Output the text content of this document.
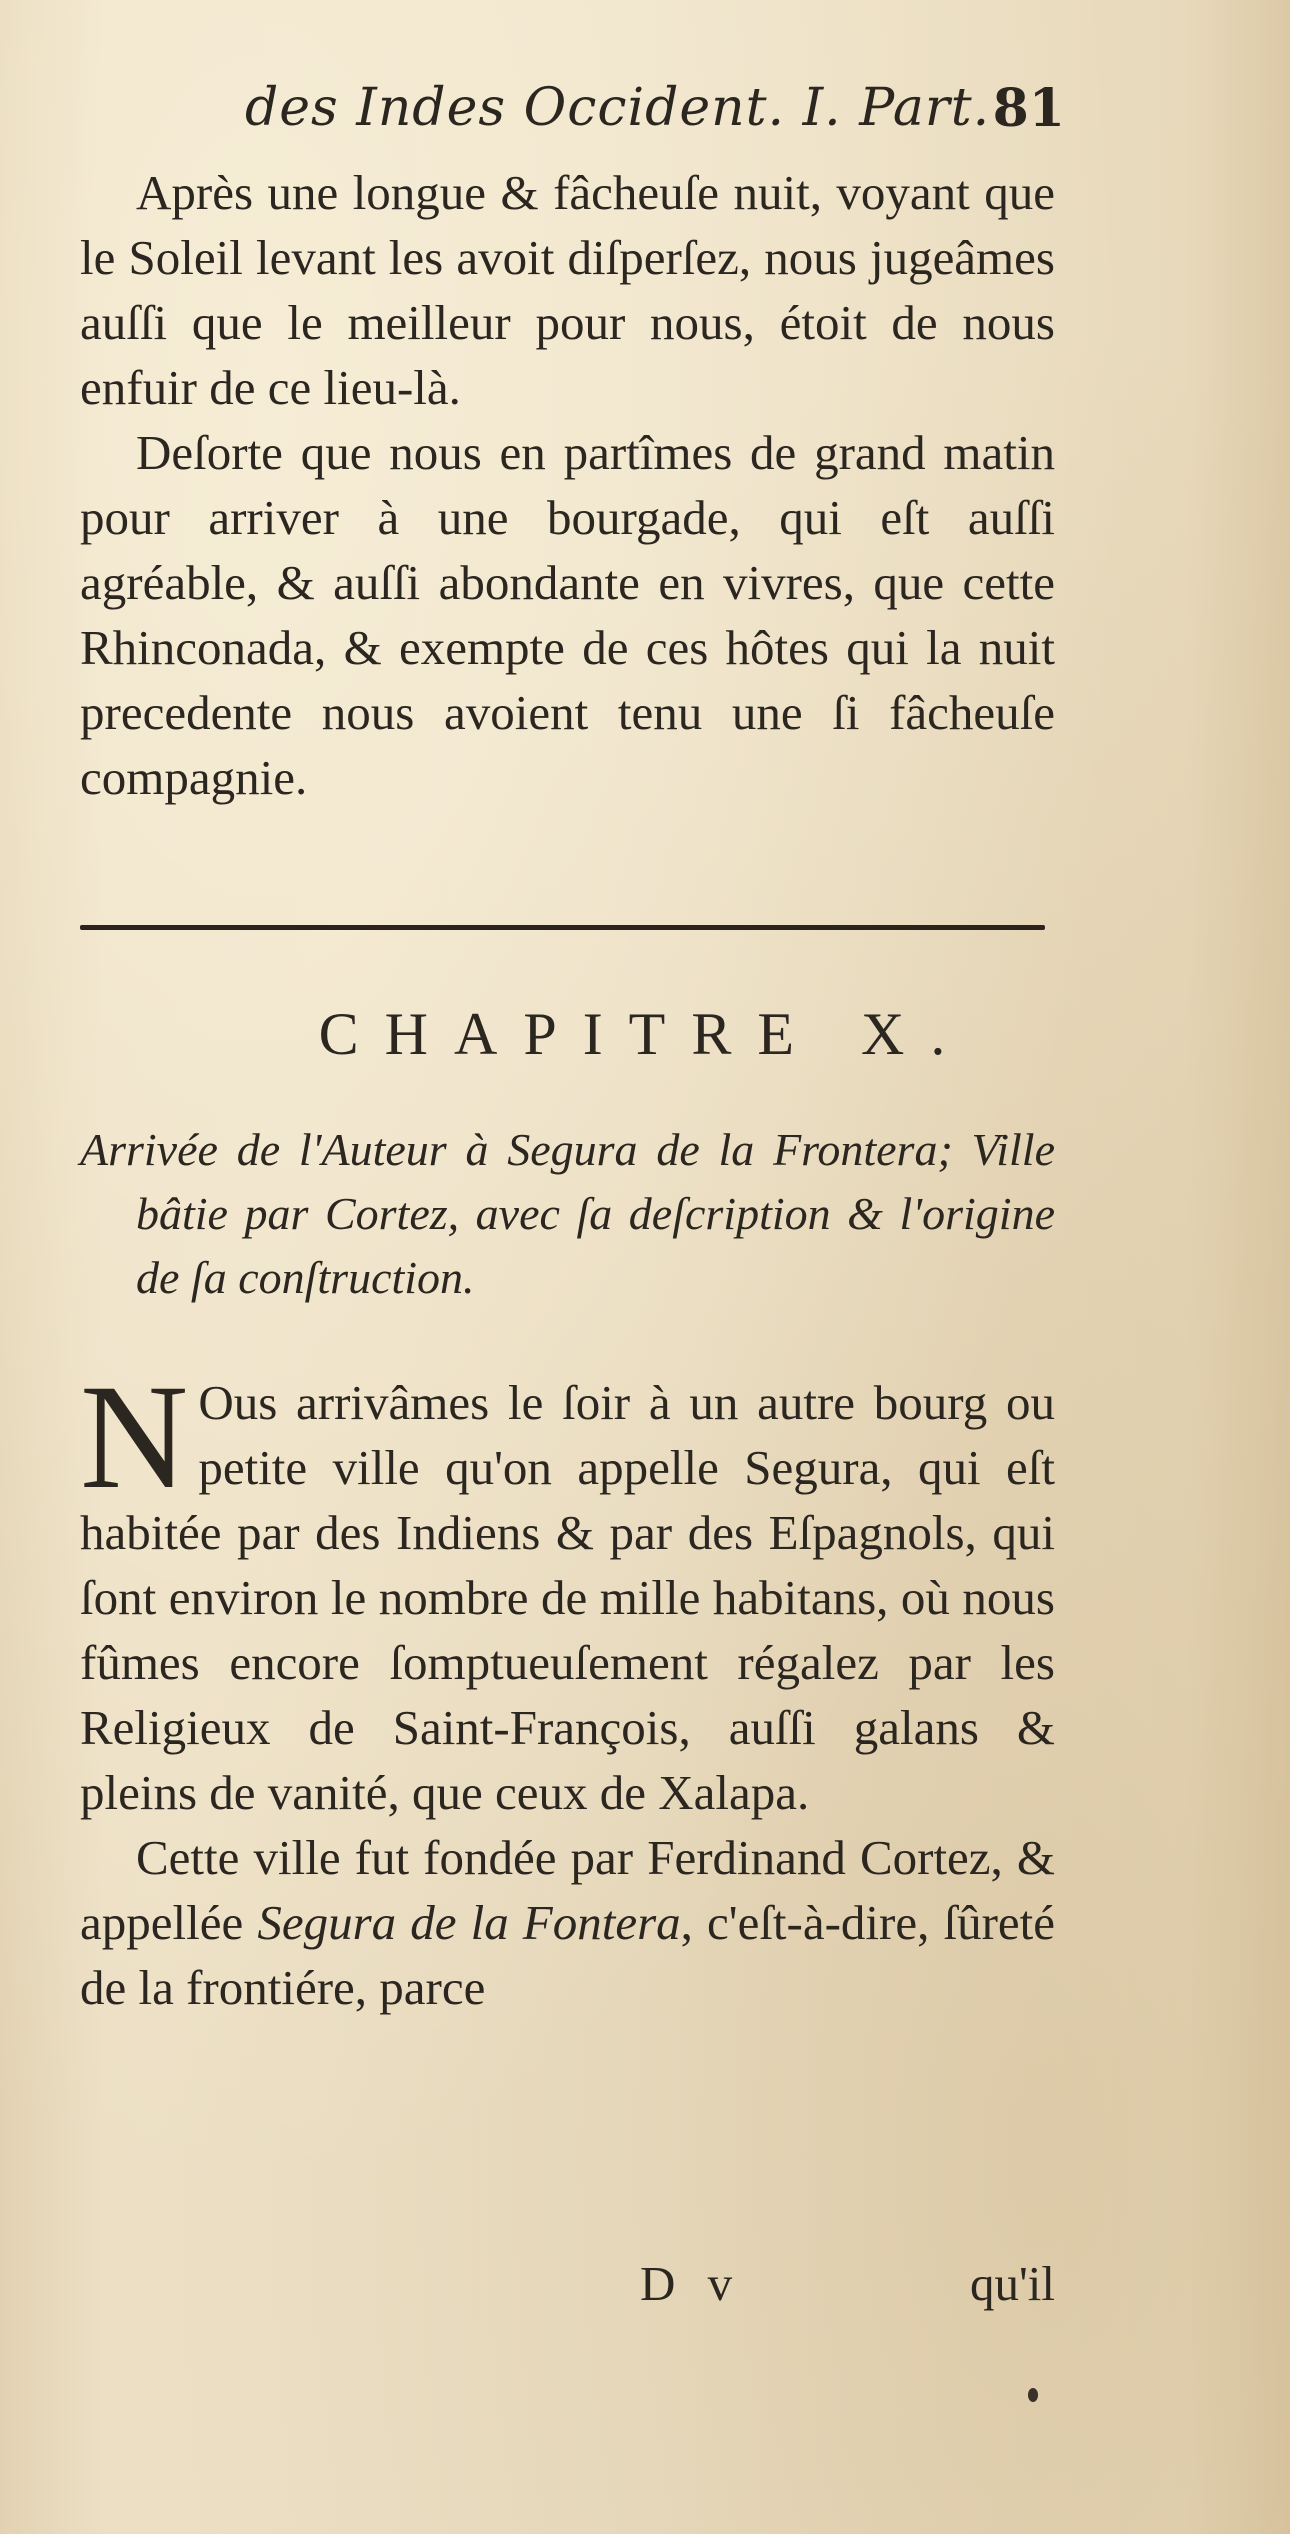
des Indes Occident. I. Part. 81

Après une longue & fâcheuſe nuit, voyant que le Soleil levant les avoit diſperſez, nous jugeâmes auſſi que le meilleur pour nous, étoit de nous enfuir de ce lieu-là.

Deſorte que nous en partîmes de grand matin pour arriver à une bourgade, qui eſt auſſi agréable, & auſſi abondante en vivres, que cette Rhinconada, & exempte de ces hôtes qui la nuit precedente nous avoient tenu une ſi fâcheuſe compagnie.

CHAPITRE X.
Arrivée de l'Auteur à Segura de la Frontera; Ville bâtie par Cortez, avec ſa deſcription & l'origine de ſa conſtruction.

N Ous arrivâmes le ſoir à un autre bourg ou petite ville qu'on appelle Segura, qui eſt habitée par des Indiens & par des Eſpagnols, qui ſont environ le nombre de mille habitans, où nous fûmes encore ſomptueuſement régalez par les Religieux de Saint-François, auſſi galans & pleins de vanité, que ceux de Xalapa.

Cette ville fut fondée par Ferdinand Cortez, & appellée Segura de la Fontera, c'eſt-à-dire, ſûreté de la frontiére, parce

D v	qu'il
